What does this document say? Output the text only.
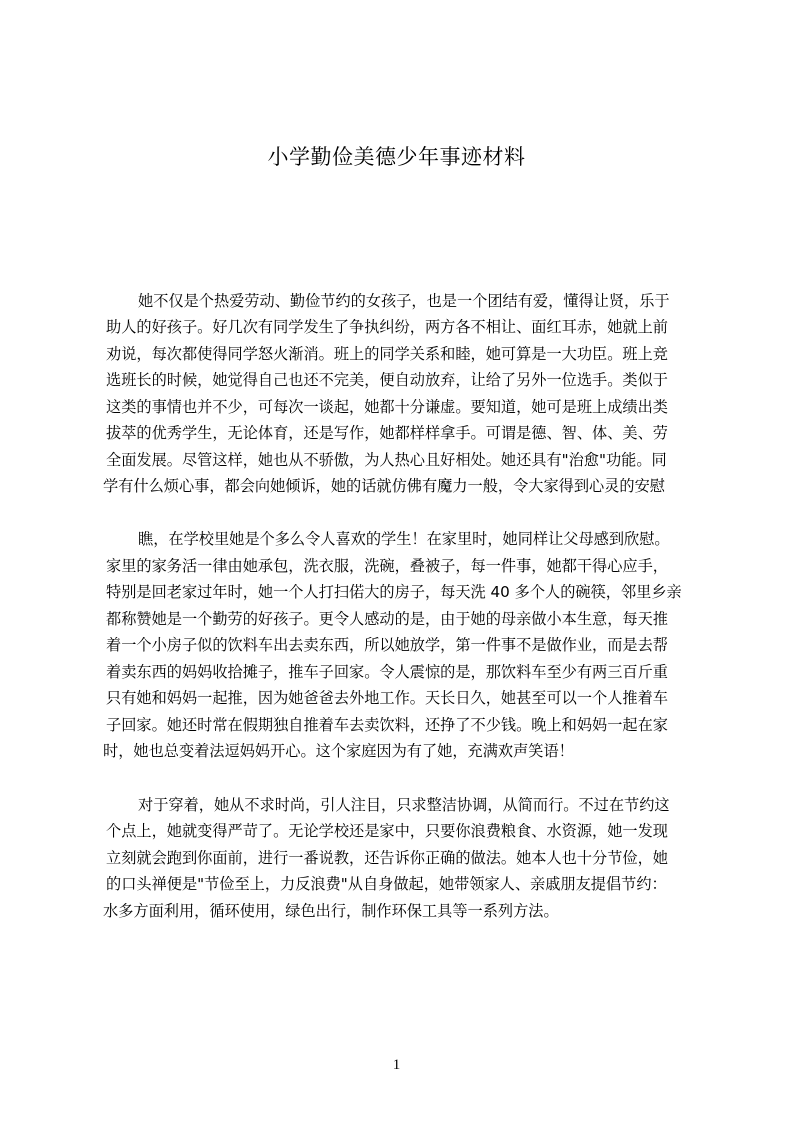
小学勤俭美德少年事迹材料
她不仅是个热爱劳动、勤俭节约的女孩子，也是一个团结有爱，懂得让贤，乐于
助人的好孩子。好几次有同学发生了争执纠纷，两方各不相让、面红耳赤，她就上前
劝说，每次都使得同学怒火渐消。班上的同学关系和睦，她可算是一大功臣。班上竞
选班长的时候，她觉得自己也还不完美，便自动放弃，让给了另外一位选手。类似于
这类的事情也并不少，可每次一谈起，她都十分谦虚。要知道，她可是班上成绩出类
拔萃的优秀学生，无论体育，还是写作，她都样样拿手。可谓是德、智、体、美、劳
全面发展。尽管这样，她也从不骄傲，为人热心且好相处。她还具有"治愈"功能。同
学有什么烦心事，都会向她倾诉，她的话就仿佛有魔力一般，令大家得到心灵的安慰
瞧，在学校里她是个多么令人喜欢的学生！在家里时，她同样让父母感到欣慰。
家里的家务活一律由她承包，洗衣服，洗碗，叠被子，每一件事，她都干得心应手，
特别是回老家过年时，她一个人打扫偌大的房子，每天洗 40 多个人的碗筷，邻里乡亲
都称赞她是一个勤劳的好孩子。更令人感动的是，由于她的母亲做小本生意，每天推
着一个小房子似的饮料车出去卖东西，所以她放学，第一件事不是做作业，而是去帮
着卖东西的妈妈收拾摊子，推车子回家。令人震惊的是，那饮料车至少有两三百斤重
只有她和妈妈一起推，因为她爸爸去外地工作。天长日久，她甚至可以一个人推着车
子回家。她还时常在假期独自推着车去卖饮料，还挣了不少钱。晚上和妈妈一起在家
时，她也总变着法逗妈妈开心。这个家庭因为有了她，充满欢声笑语！
对于穿着，她从不求时尚，引人注目，只求整洁协调，从简而行。不过在节约这
个点上，她就变得严苛了。无论学校还是家中，只要你浪费粮食、水资源，她一发现
立刻就会跑到你面前，进行一番说教，还告诉你正确的做法。她本人也十分节俭，她
的口头禅便是"节俭至上，力反浪费"从自身做起，她带领家人、亲戚朋友提倡节约：
水多方面利用，循环使用，绿色出行，制作环保工具等一系列方法。
1
